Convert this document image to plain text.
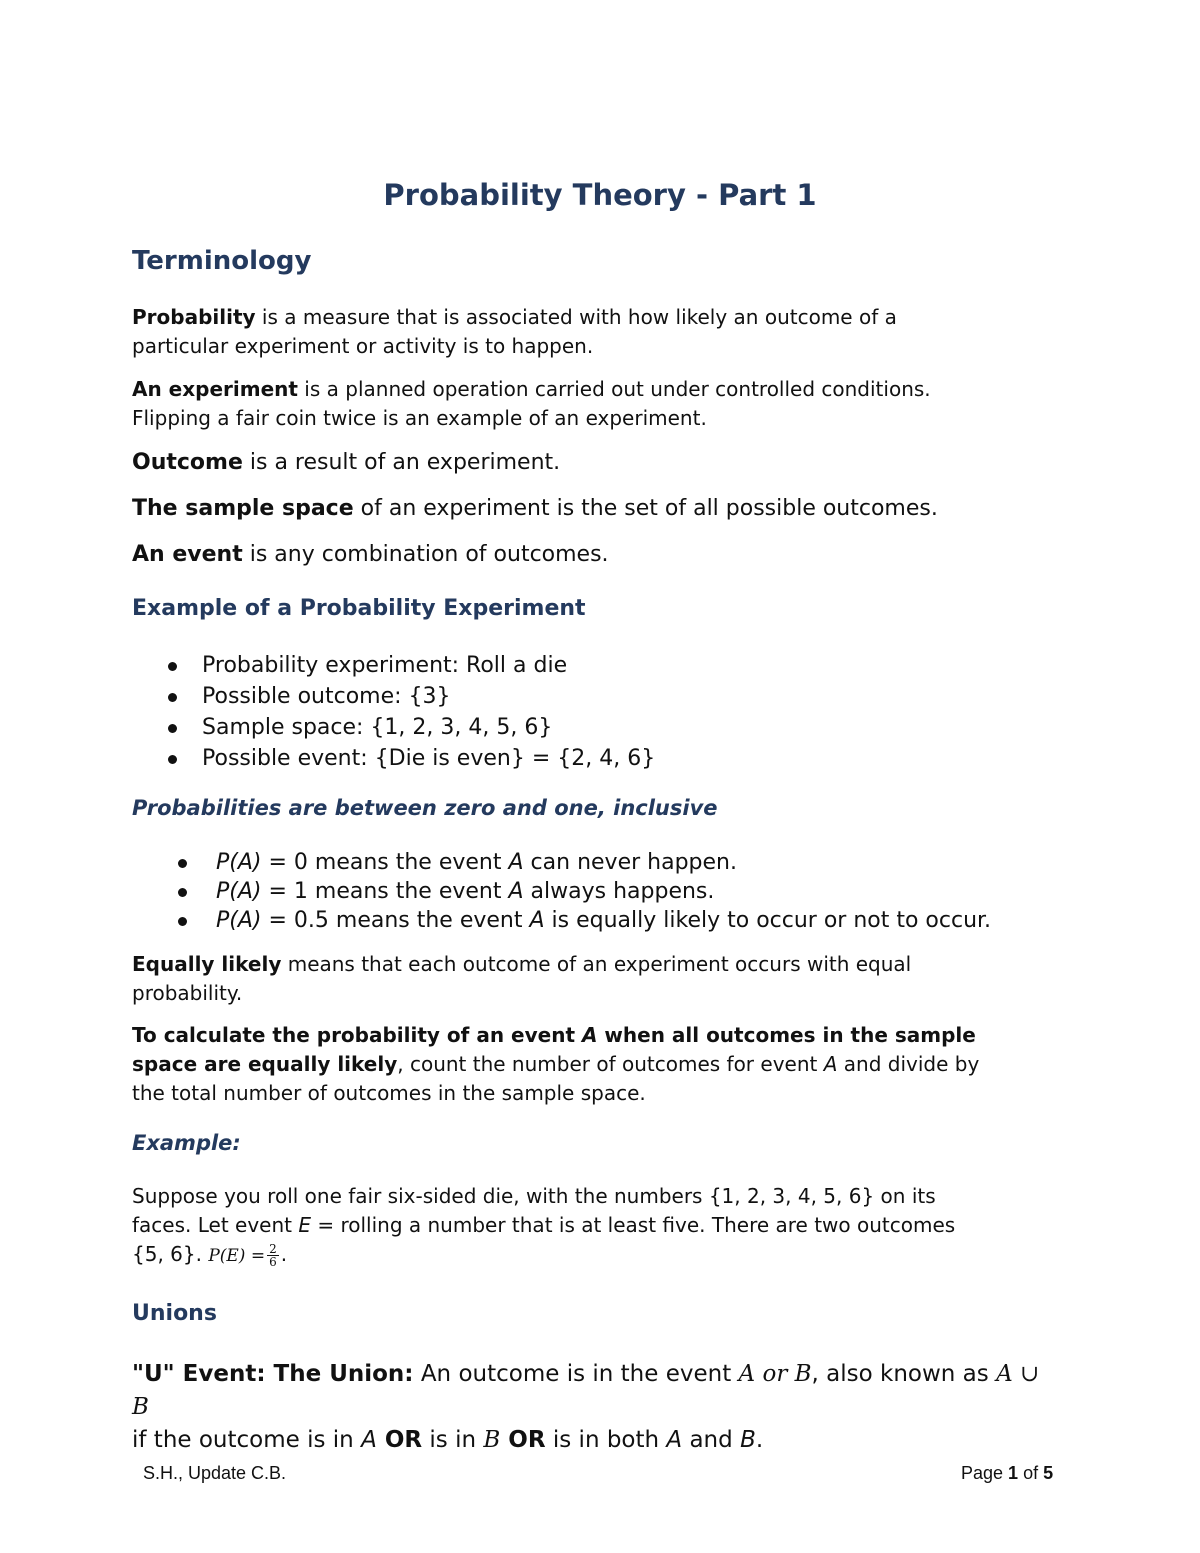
Probability Theory - Part 1
Terminology

Probability is a measure that is associated with how likely an outcome of a
particular experiment or activity is to happen.

An experiment is a planned operation carried out under controlled conditions.
Flipping a fair coin twice is an example of an experiment.

Outcome is a result of an experiment.

The sample space of an experiment is the set of all possible outcomes.

An event is any combination of outcomes.

Example of a Probability Experiment
Probability experiment: Roll a die
Possible outcome: {3}
Sample space: {1, 2, 3, 4, 5, 6}
Possible event: {Die is even} = {2, 4, 6}
Probabilities are between zero and one, inclusive
P(A) = 0 means the event A can never happen.
P(A) = 1 means the event A always happens.
P(A) = 0.5 means the event A is equally likely to occur or not to occur.

Equally likely means that each outcome of an experiment occurs with equal
probability.

To calculate the probability of an event A when all outcomes in the sample
space are equally likely, count the number of outcomes for event A and divide by
the total number of outcomes in the sample space.

Example:

Suppose you roll one fair six-sided die, with the numbers {1, 2, 3, 4, 5, 6} on its
faces. Let event E = rolling a number that is at least five. There are two outcomes
{5, 6}. $P(E) = \frac{2}{6}$ .

Unions

"U" Event: The Union: An outcome is in the event A or B, also known as A ∪ B
if the outcome is in A OR is in B OR is in both A and B.

S.H., Update C.B.	Page 1 of 5
